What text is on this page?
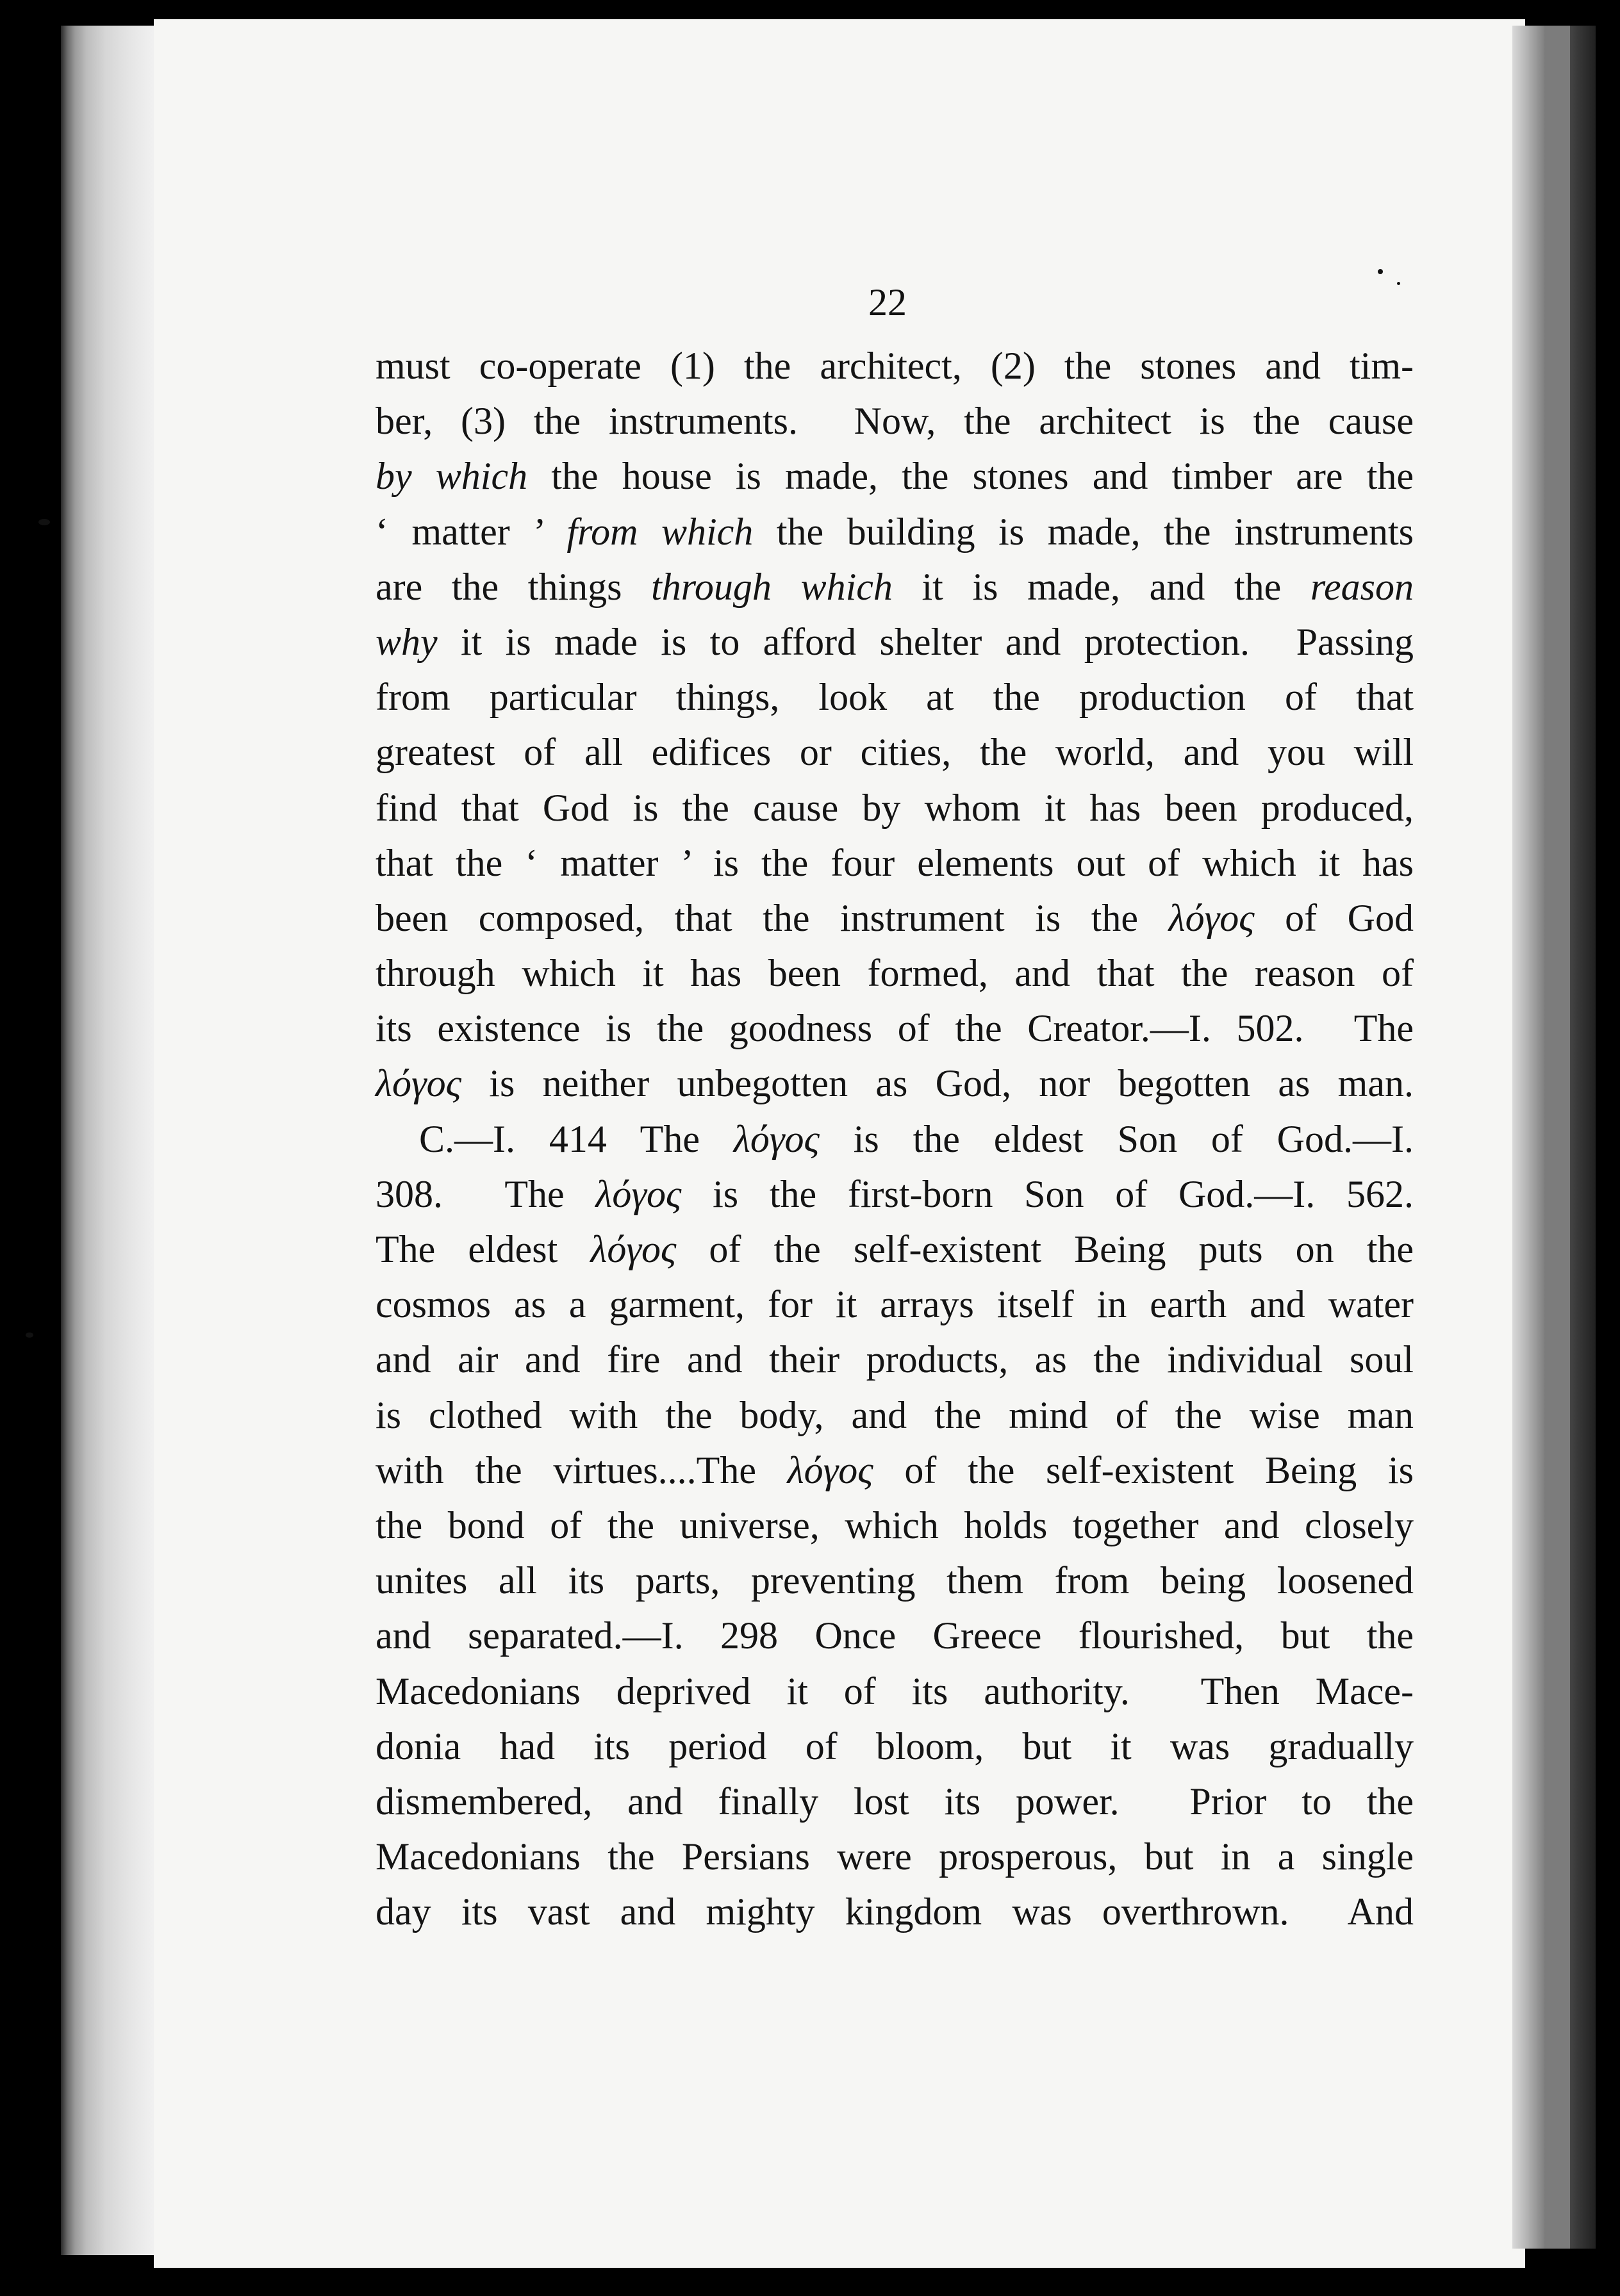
22
must co-operate (1) the architect, (2) the stones and tim-
ber, (3) the instruments.  Now, the architect is the cause
by which the house is made, the stones and timber are the
‘ matter ’ from which the building is made, the instruments
are the things through which it is made, and the reason
why it is made is to afford shelter and protection.  Passing
from particular things, look at the production of that
greatest of all edifices or cities, the world, and you will
find that God is the cause by whom it has been produced,
that the ‘ matter ’ is the four elements out of which it has
been composed, that the instrument is the λόγος of God
through which it has been formed, and that the reason of
its existence is the goodness of the Creator.—I. 502.  The
λόγος is neither unbegotten as God, nor begotten as man.
C.—I. 414 The λόγος is the eldest Son of God.—I.
308.  The λόγος is the first-born Son of God.—I. 562.
The eldest λόγος of the self-existent Being puts on the
cosmos as a garment, for it arrays itself in earth and water
and air and fire and their products, as the individual soul
is clothed with the body, and the mind of the wise man
with the virtues....The λόγος of the self-existent Being is
the bond of the universe, which holds together and closely
unites all its parts, preventing them from being loosened
and separated.—I. 298 Once Greece flourished, but the
Macedonians deprived it of its authority.  Then Mace-
donia had its period of bloom, but it was gradually
dismembered, and finally lost its power.  Prior to the
Macedonians the Persians were prosperous, but in a single
day its vast and mighty kingdom was overthrown.  And
